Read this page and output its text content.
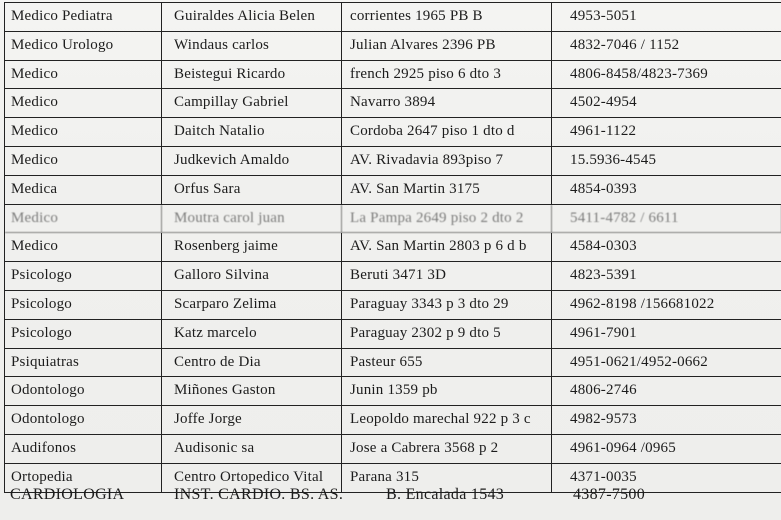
Medico Pediatra	Guiraldes Alicia Belen	corrientes 1965 PB B	4953-5051
Medico Urologo	Windaus carlos	Julian Alvares 2396 PB	4832-7046 / 1152
Medico	Beistegui Ricardo	french 2925 piso 6 dto 3	4806-8458/4823-7369
Medico	Campillay Gabriel	Navarro 3894	4502-4954
Medico	Daitch Natalio	Cordoba 2647 piso 1 dto d	4961-1122
Medico	Judkevich Amaldo	AV. Rivadavia 893piso 7	15.5936-4545
Medica	Orfus Sara	AV. San Martin 3175	4854-0393
Medico	Moutra carol juan	La Pampa 2649 piso 2 dto 2	5411-4782 / 6611
Medico	Rosenberg jaime	AV. San Martin 2803 p 6 d b	4584-0303
Psicologo	Galloro Silvina	Beruti 3471 3D	4823-5391
Psicologo	Scarparo Zelima	Paraguay 3343 p 3 dto 29	4962-8198 /156681022
Psicologo	Katz marcelo	Paraguay 2302 p 9 dto 5	4961-7901
Psiquiatras	Centro de Dia	Pasteur 655	4951-0621/4952-0662
Odontologo	Miñones Gaston	Junin 1359 pb	4806-2746
Odontologo	Joffe Jorge	Leopoldo marechal 922 p 3 c	4982-9573
Audifonos	Audisonic sa	Jose a Cabrera 3568 p 2	4961-0964 /0965
Ortopedia	Centro Ortopedico Vital	Parana 315	4371-0035
CARDIOLOGIA	INST. CARDIO. BS. AS.	B. Encalada 1543	4387-7500
